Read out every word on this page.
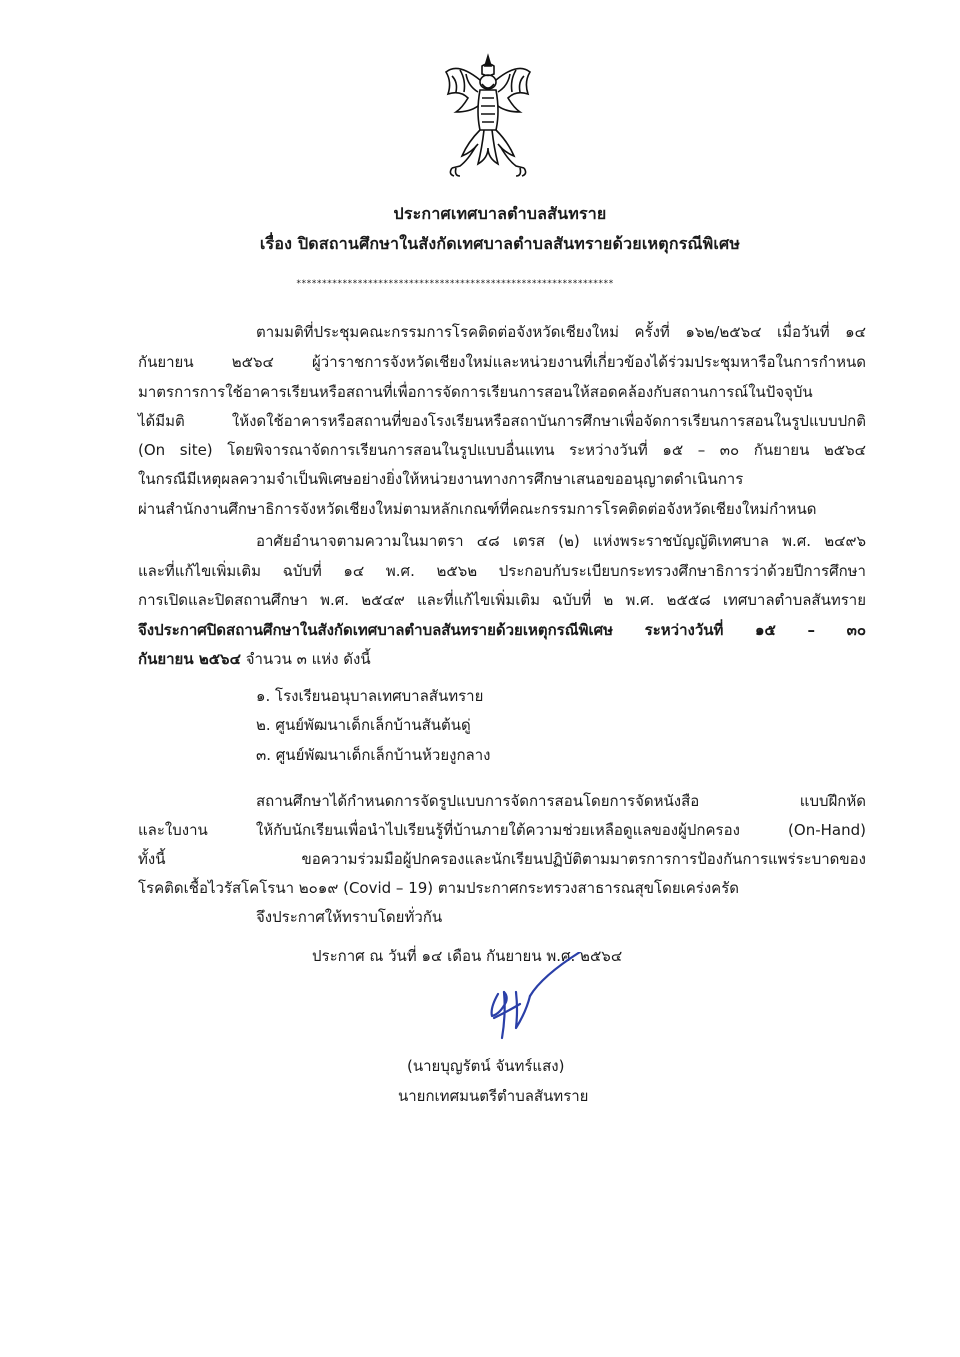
ประกาศเทศบาลตำบลสันทราย
เรื่อง ปิดสถานศึกษาในสังกัดเทศบาลตำบลสันทรายด้วยเหตุกรณีพิเศษ
**************************************************************
ตามมติที่ประชุมคณะกรรมการโรคติดต่อจังหวัดเชียงใหม่ ครั้งที่ ๑๖๒/๒๕๖๔ เมื่อวันที่ ๑๔
กันยายน ๒๕๖๔ ผู้ว่าราชการจังหวัดเชียงใหม่และหน่วยงานที่เกี่ยวข้องได้ร่วมประชุมหารือในการกำหนด
มาตรการการใช้อาคารเรียนหรือสถานที่เพื่อการจัดการเรียนการสอนให้สอดคล้องกับสถานการณ์ในปัจจุบัน
ได้มีมติ ให้งดใช้อาคารหรือสถานที่ของโรงเรียนหรือสถาบันการศึกษาเพื่อจัดการเรียนการสอนในรูปแบบปกติ
(On site) โดยพิจารณาจัดการเรียนการสอนในรูปแบบอื่นแทน ระหว่างวันที่ ๑๕ – ๓๐ กันยายน ๒๕๖๔
ในกรณีมีเหตุผลความจำเป็นพิเศษอย่างยิ่งให้หน่วยงานทางการศึกษาเสนอขออนุญาตดำเนินการ
ผ่านสำนักงานศึกษาธิการจังหวัดเชียงใหม่ตามหลักเกณฑ์ที่คณะกรรมการโรคติดต่อจังหวัดเชียงใหม่กำหนด
อาศัยอำนาจตามความในมาตรา ๔๘ เตรส (๒) แห่งพระราชบัญญัติเทศบาล พ.ศ. ๒๔๙๖
และที่แก้ไขเพิ่มเติม ฉบับที่ ๑๔ พ.ศ. ๒๕๖๒ ประกอบกับระเบียบกระทรวงศึกษาธิการว่าด้วยปีการศึกษา
การเปิดและปิดสถานศึกษา พ.ศ. ๒๕๔๙ และที่แก้ไขเพิ่มเติม ฉบับที่ ๒ พ.ศ. ๒๕๕๘ เทศบาลตำบลสันทราย
จึงประกาศปิดสถานศึกษาในสังกัดเทศบาลตำบลสันทรายด้วยเหตุกรณีพิเศษ ระหว่างวันที่ ๑๕ – ๓๐
กันยายน ๒๕๖๔ จำนวน ๓ แห่ง ดังนี้
๑. โรงเรียนอนุบาลเทศบาลสันทราย
๒. ศูนย์พัฒนาเด็กเล็กบ้านสันต้นดู่
๓. ศูนย์พัฒนาเด็กเล็กบ้านห้วยงูกลาง
สถานศึกษาได้กำหนดการจัดรูปแบบการจัดการสอนโดยการจัดหนังสือ แบบฝึกหัด
และใบงาน ให้กับนักเรียนเพื่อนำไปเรียนรู้ที่บ้านภายใต้ความช่วยเหลือดูแลของผู้ปกครอง (On-Hand)
ทั้งนี้ ขอความร่วมมือผู้ปกครองและนักเรียนปฏิบัติตามมาตรการการป้องกันการแพร่ระบาดของ
โรคติดเชื้อไวรัสโคโรนา ๒๐๑๙ (Covid – 19) ตามประกาศกระทรวงสาธารณสุขโดยเคร่งครัด
จึงประกาศให้ทราบโดยทั่วกัน
ประกาศ ณ วันที่ ๑๔ เดือน กันยายน พ.ศ. ๒๕๖๔
(นายบุญรัตน์ จันทร์แสง)
นายกเทศมนตรีตำบลสันทราย
